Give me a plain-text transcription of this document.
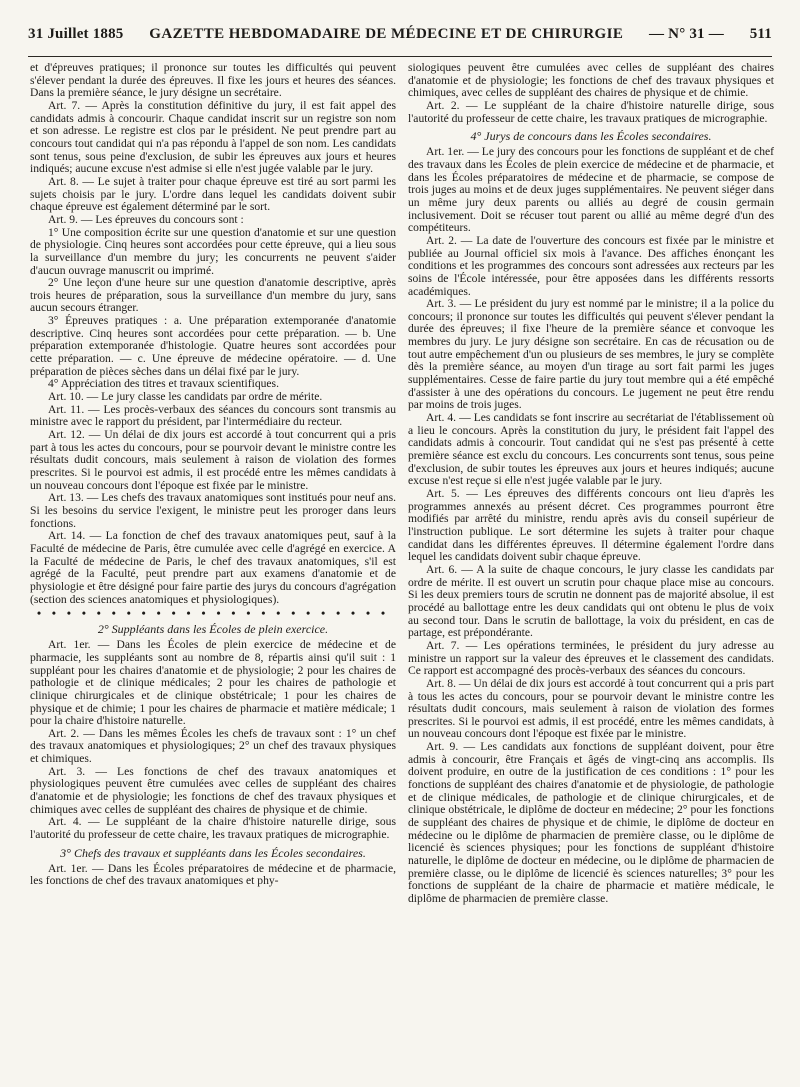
31 Juillet 1885 GAZETTE HEBDOMADAIRE DE MÉDECINE ET DE CHIRURGIE — N° 31 — 511

et d'épreuves pratiques; il prononce sur toutes les difficultés qui peuvent s'élever pendant la durée des épreuves. Il fixe les jours et heures des séances. Dans la première séance, le jury désigne un secrétaire.

Art. 7. — Après la constitution définitive du jury, il est fait appel des candidats admis à concourir. Chaque candidat inscrit sur un registre son nom et son adresse. Le registre est clos par le président. Ne peut prendre part au concours tout candidat qui n'a pas répondu à l'appel de son nom. Les candidats sont tenus, sous peine d'exclusion, de subir les épreuves aux jours et heures indiqués; aucune excuse n'est admise si elle n'est jugée valable par le jury.

Art. 8. — Le sujet à traiter pour chaque épreuve est tiré au sort parmi les sujets choisis par le jury. L'ordre dans lequel les candidats doivent subir chaque épreuve est également déterminé par le sort.

Art. 9. — Les épreuves du concours sont :

1° Une composition écrite sur une question d'anatomie et sur une question de physiologie. Cinq heures sont accordées pour cette épreuve, qui a lieu sous la surveillance d'un membre du jury; les concurrents ne peuvent s'aider d'aucun ouvrage manuscrit ou imprimé.

2° Une leçon d'une heure sur une question d'anatomie descriptive, après trois heures de préparation, sous la surveillance d'un membre du jury, sans aucun secours étranger.

3° Épreuves pratiques : a. Une préparation extemporanée d'anatomie descriptive. Cinq heures sont accordées pour cette préparation. — b. Une préparation extemporanée d'histologie. Quatre heures sont accordées pour cette préparation. — c. Une épreuve de médecine opératoire. — d. Une préparation de pièces sèches dans un délai fixé par le jury.

4° Appréciation des titres et travaux scientifiques.

Art. 10. — Le jury classe les candidats par ordre de mérite.

Art. 11. — Les procès-verbaux des séances du concours sont transmis au ministre avec le rapport du président, par l'intermédiaire du recteur.

Art. 12. — Un délai de dix jours est accordé à tout concurrent qui a pris part à tous les actes du concours, pour se pourvoir devant le ministre contre les résultats dudit concours, mais seulement à raison de violation des formes prescrites. Si le pourvoi est admis, il est procédé entre les mêmes candidats à un nouveau concours dont l'époque est fixée par le ministre.

Art. 13. — Les chefs des travaux anatomiques sont institués pour neuf ans. Si les besoins du service l'exigent, le ministre peut les proroger dans leurs fonctions.

Art. 14. — La fonction de chef des travaux anatomiques peut, sauf à la Faculté de médecine de Paris, être cumulée avec celle d'agrégé en exercice. A la Faculté de médecine de Paris, le chef des travaux anatomiques, s'il est agrégé de la Faculté, peut prendre part aux examens d'anatomie et de physiologie et être désigné pour faire partie des jurys du concours d'agrégation (section des sciences anatomiques et physiologiques).

• • • • • • • • • • • • • • • • • • • • • • • •
2° Suppléants dans les Écoles de plein exercice.

Art. 1er. — Dans les Écoles de plein exercice de médecine et de pharmacie, les suppléants sont au nombre de 8, répartis ainsi qu'il suit : 1 suppléant pour les chaires d'anatomie et de physiologie; 2 pour les chaires de pathologie et de clinique médicales; 2 pour les chaires de pathologie et clinique chirurgicales et de clinique obstétricale; 1 pour les chaires de physique et de chimie; 1 pour les chaires de pharmacie et matière médicale; 1 pour la chaire d'histoire naturelle.

Art. 2. — Dans les mêmes Écoles les chefs de travaux sont : 1° un chef des travaux anatomiques et physiologiques; 2° un chef des travaux physiques et chimiques.

Art. 3. — Les fonctions de chef des travaux anatomiques et physiologiques peuvent être cumulées avec celles de suppléant des chaires d'anatomie et de physiologie; les fonctions de chef des travaux physiques et chimiques avec celles de suppléant des chaires de physique et de chimie.

Art. 4. — Le suppléant de la chaire d'histoire naturelle dirige, sous l'autorité du professeur de cette chaire, les travaux pratiques de micrographie.

3° Chefs des travaux et suppléants dans les Écoles secondaires.

Art. 1er. — Dans les Écoles préparatoires de médecine et de pharmacie, les fonctions de chef des travaux anatomiques et phy-

siologiques peuvent être cumulées avec celles de suppléant des chaires d'anatomie et de physiologie; les fonctions de chef des travaux physiques et chimiques, avec celles de suppléant des chaires de physique et de chimie.

Art. 2. — Le suppléant de la chaire d'histoire naturelle dirige, sous l'autorité du professeur de cette chaire, les travaux pratiques de micrographie.

4° Jurys de concours dans les Écoles secondaires.

Art. 1er. — Le jury des concours pour les fonctions de suppléant et de chef des travaux dans les Écoles de plein exercice de médecine et de pharmacie, et dans les Écoles préparatoires de médecine et de pharmacie, se compose de trois juges au moins et de deux juges supplémentaires. Ne peuvent siéger dans un même jury deux parents ou alliés au degré de cousin germain inclusivement. Doit se récuser tout parent ou allié au même degré d'un des compétiteurs.

Art. 2. — La date de l'ouverture des concours est fixée par le ministre et publiée au Journal officiel six mois à l'avance. Des affiches énonçant les conditions et les programmes des concours sont adressées aux recteurs par les soins de l'École intéressée, pour être apposées dans les différents ressorts académiques.

Art. 3. — Le président du jury est nommé par le ministre; il a la police du concours; il prononce sur toutes les difficultés qui peuvent s'élever pendant la durée des épreuves; il fixe l'heure de la première séance et convoque les membres du jury. Le jury désigne son secrétaire. En cas de récusation ou de tout autre empêchement d'un ou plusieurs de ses membres, le jury se complète dès la première séance, au moyen d'un tirage au sort fait parmi les juges supplémentaires. Cesse de faire partie du jury tout membre qui a été empêché d'assister à une des opérations du concours. Le jugement ne peut être rendu par moins de trois juges.

Art. 4. — Les candidats se font inscrire au secrétariat de l'établissement où a lieu le concours. Après la constitution du jury, le président fait l'appel des candidats admis à concourir. Tout candidat qui ne s'est pas présenté à cette première séance est exclu du concours. Les concurrents sont tenus, sous peine d'exclusion, de subir toutes les épreuves aux jours et heures indiqués; aucune excuse n'est reçue si elle n'est jugée valable par le jury.

Art. 5. — Les épreuves des différents concours ont lieu d'après les programmes annexés au présent décret. Ces programmes pourront être modifiés par arrêté du ministre, rendu après avis du conseil supérieur de l'instruction publique. Le sort détermine les sujets à traiter pour chaque candidat dans les différentes épreuves. Il détermine également l'ordre dans lequel les candidats doivent subir chaque épreuve.

Art. 6. — A la suite de chaque concours, le jury classe les candidats par ordre de mérite. Il est ouvert un scrutin pour chaque place mise au concours. Si les deux premiers tours de scrutin ne donnent pas de majorité absolue, il est procédé au ballottage entre les deux candidats qui ont obtenu le plus de voix au second tour. Dans le scrutin de ballottage, la voix du président, en cas de partage, est prépondérante.

Art. 7. — Les opérations terminées, le président du jury adresse au ministre un rapport sur la valeur des épreuves et le classement des candidats. Ce rapport est accompagné des procès-verbaux des séances du concours.

Art. 8. — Un délai de dix jours est accordé à tout concurrent qui a pris part à tous les actes du concours, pour se pourvoir devant le ministre contre les résultats dudit concours, mais seulement à raison de violation des formes prescrites. Si le pourvoi est admis, il est procédé, entre les mêmes candidats, à un nouveau concours dont l'époque est fixée par le ministre.

Art. 9. — Les candidats aux fonctions de suppléant doivent, pour être admis à concourir, être Français et âgés de vingt-cinq ans accomplis. Ils doivent produire, en outre de la justification de ces conditions : 1° pour les fonctions de suppléant des chaires d'anatomie et de physiologie, de pathologie et de clinique médicales, de pathologie et de clinique chirurgicales, et de clinique obstétricale, le diplôme de docteur en médecine; 2° pour les fonctions de suppléant des chaires de physique et de chimie, le diplôme de docteur en médecine ou le diplôme de pharmacien de première classe, ou le diplôme de licencié ès sciences physiques; pour les fonctions de suppléant d'histoire naturelle, le diplôme de docteur en médecine, ou le diplôme de pharmacien de première classe, ou le diplôme de licencié ès sciences naturelles; 3° pour les fonctions de suppléant de la chaire de pharmacie et matière médicale, le diplôme de pharmacien de première classe.
